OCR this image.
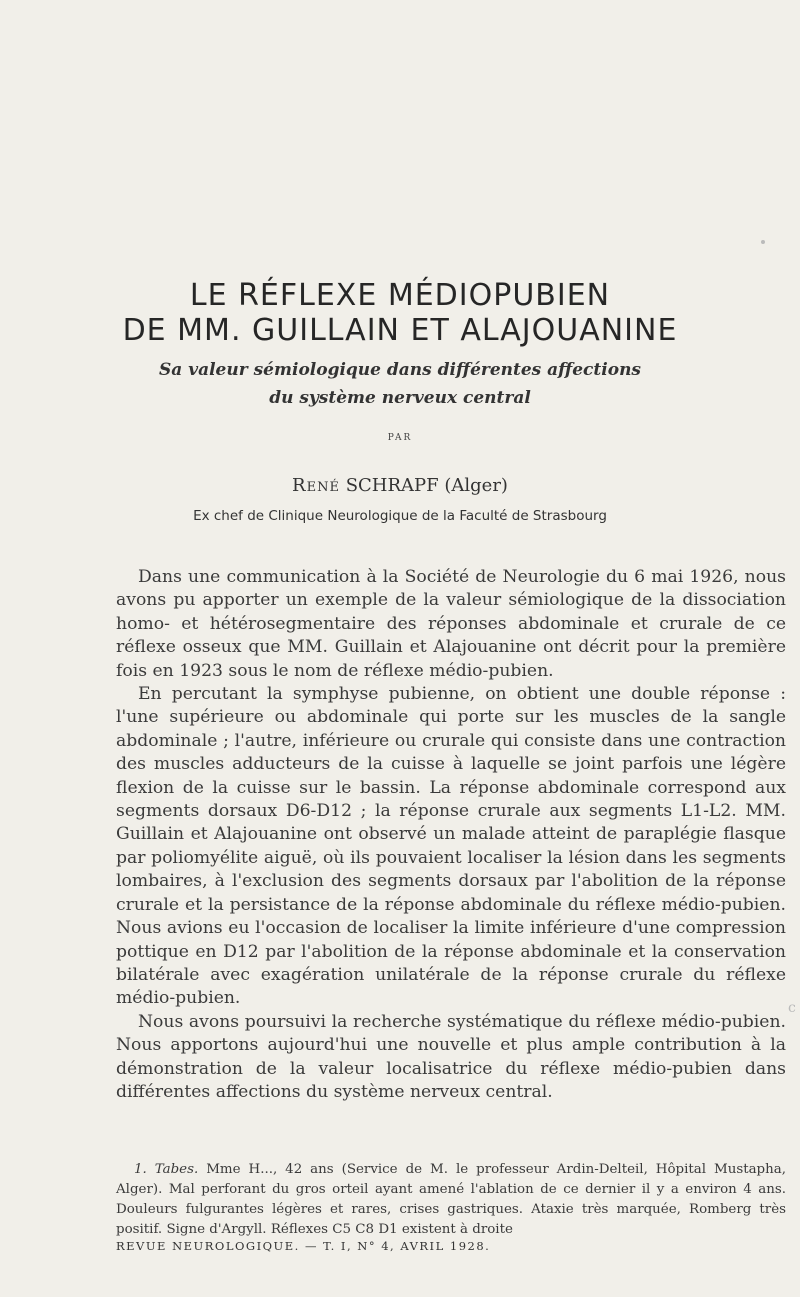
LE RÉFLEXE MÉDIOPUBIEN
DE MM. GUILLAIN ET ALAJOUANINE
Sa valeur sémiologique dans différentes affections
du système nerveux central
PAR
René SCHRAPF (Alger)
Ex chef de Clinique Neurologique de la Faculté de Strasbourg

Dans une communication à la Société de Neurologie du 6 mai 1926, nous avons pu apporter un exemple de la valeur sémiologique de la dissociation homo- et hétérosegmentaire des réponses abdominale et crurale de ce réflexe osseux que MM. Guillain et Alajouanine ont décrit pour la première fois en 1923 sous le nom de réflexe médio-pubien.

En percutant la symphyse pubienne, on obtient une double réponse : l'une supérieure ou abdominale qui porte sur les muscles de la sangle abdominale ; l'autre, inférieure ou crurale qui consiste dans une contraction des muscles adducteurs de la cuisse à laquelle se joint parfois une légère flexion de la cuisse sur le bassin. La réponse abdominale correspond aux segments dorsaux D6-D12 ; la réponse crurale aux segments L1-L2. MM. Guillain et Alajouanine ont observé un malade atteint de paraplégie flasque par poliomyélite aiguë, où ils pouvaient localiser la lésion dans les segments lombaires, à l'exclusion des segments dorsaux par l'abolition de la réponse crurale et la persistance de la réponse abdominale du réflexe médio-pubien. Nous avions eu l'occasion de localiser la limite inférieure d'une compression pottique en D12 par l'abolition de la réponse abdominale et la conservation bilatérale avec exagération unilatérale de la réponse crurale du réflexe médio-pubien.

Nous avons poursuivi la recherche systématique du réflexe médio-pubien. Nous apportons aujourd'hui une nouvelle et plus ample contribution à la démonstration de la valeur localisatrice du réflexe médio-pubien dans différentes affections du système nerveux central.

1. Tabes. Mme H..., 42 ans (Service de M. le professeur Ardin-Delteil, Hôpital Mustapha, Alger). Mal perforant du gros orteil ayant amené l'ablation de ce dernier il y a environ 4 ans. Douleurs fulgurantes légères et rares, crises gastriques. Ataxie très marquée, Romberg très positif. Signe d'Argyll. Réflexes C5 C8 D1 existent à droite

REVUE NEUROLOGIQUE. — T. I, N° 4, AVRIL 1928.
c
